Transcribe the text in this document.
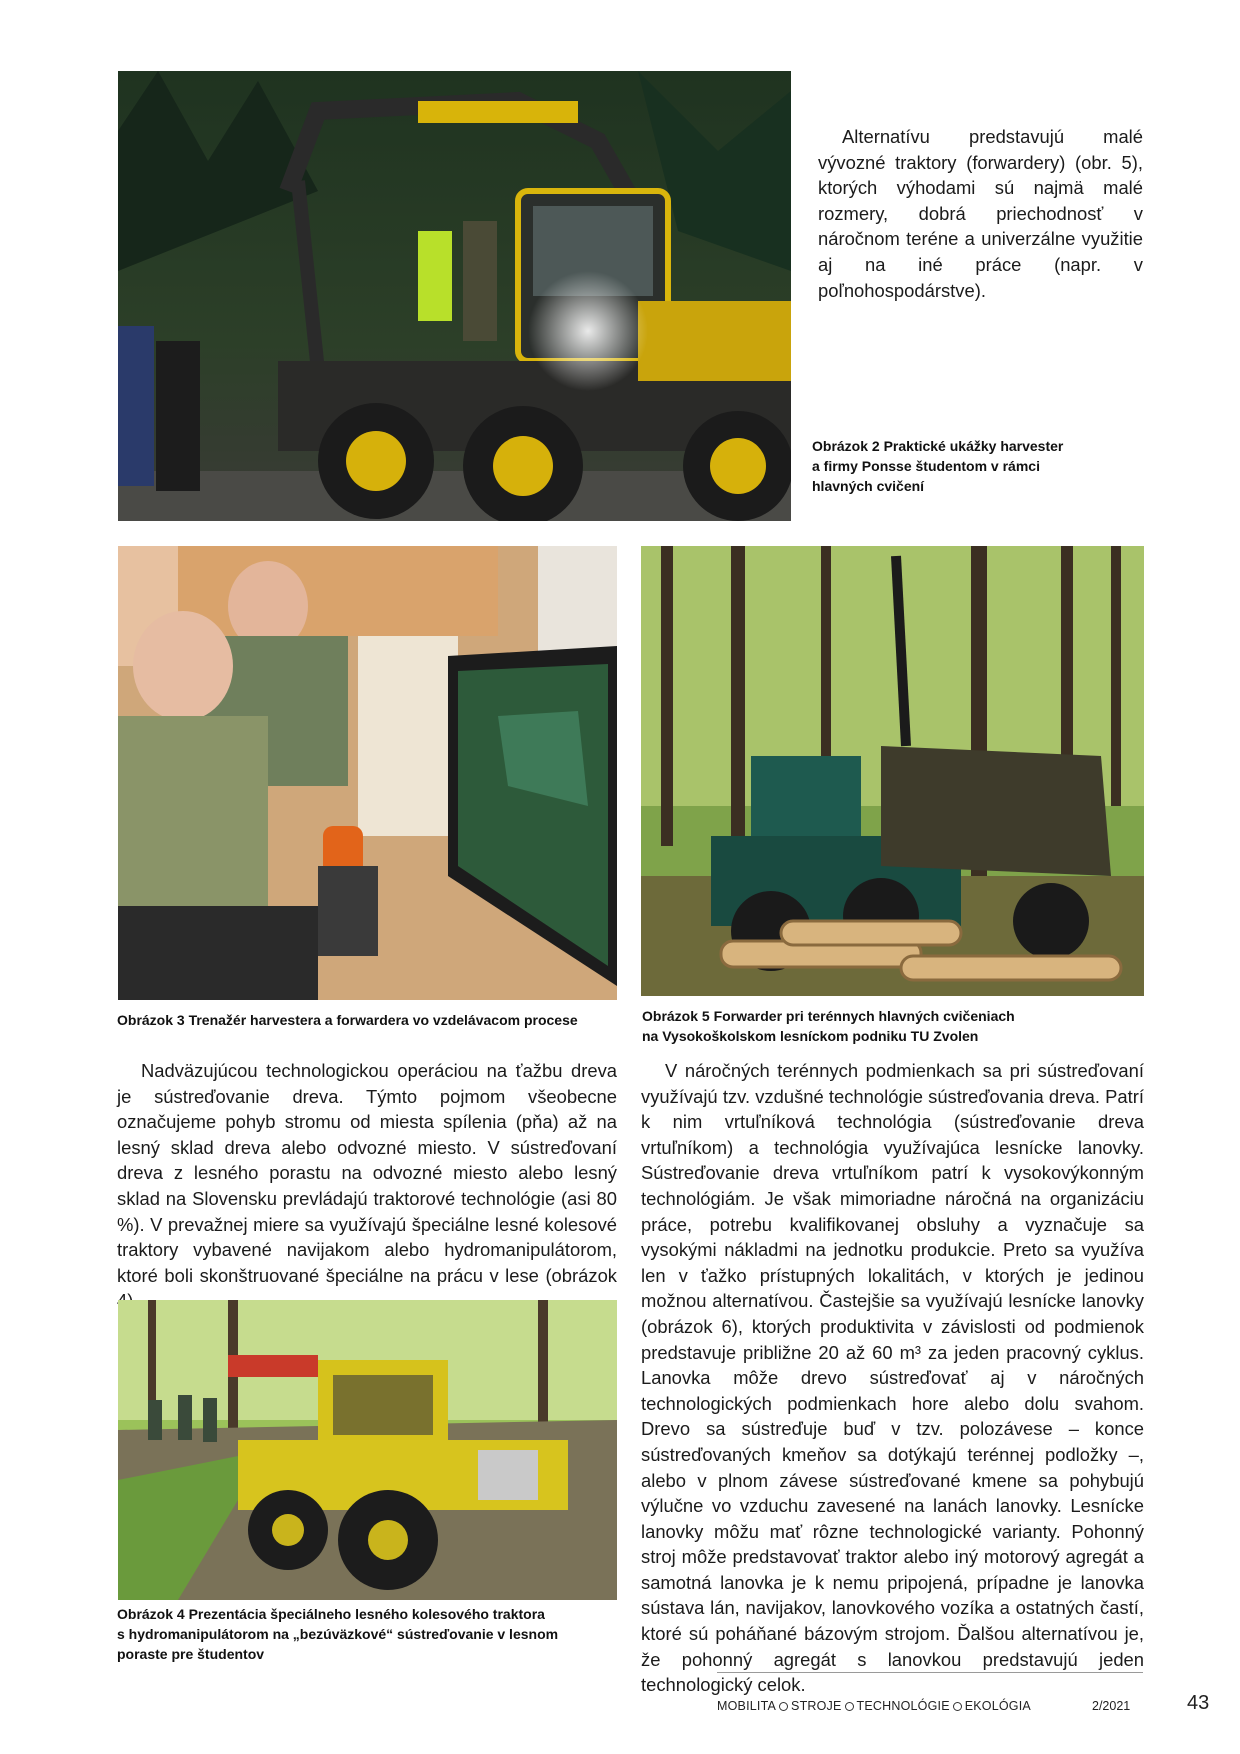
Alternatívu predstavujú malé vývozné traktory (forwardery) (obr. 5), ktorých výhodami sú najmä malé rozmery, dobrá priechodnosť v náročnom teréne a univerzálne využitie aj na iné práce (napr. v poľnohospodárstve).

Obrázok 2 Praktické ukážky harvester
a firmy Ponsse študentom v rámci
hlavných cvičení
Obrázok 3 Trenažér harvestera a forwardera vo vzdelávacom procese	Obrázok 5 Forwarder pri terénnych hlavných cvičeniach
na Vysokoškolskom lesníckom podniku TU Zvolen

Nadväzujúcou technologickou operáciou na ťažbu dreva je sústreďovanie dreva. Týmto pojmom všeobecne označujeme pohyb stromu od miesta spílenia (pňa) až na lesný sklad dreva alebo odvozné miesto. V sústreďovaní dreva z lesného porastu na odvozné miesto alebo lesný sklad na Slovensku prevládajú traktorové technológie (asi 80 %). V prevažnej miere sa využívajú špeciálne lesné kolesové traktory vybavené navijakom alebo hydromanipulátorom, ktoré boli skonštruované špeciálne na prácu v lese (obrázok

Obrázok 4 Prezentácia špeciálneho lesného kolesového traktora
s hydromanipulátorom na „bezúväzkové“ sústreďovanie v lesnom
poraste pre študentov

V náročných terénnych podmienkach sa pri sústreďovaní využívajú tzv. vzdušné technológie sústreďovania dreva. Patrí k nim vrtuľníková technológia (sústreďovanie dreva vrtuľníkom) a technológia využívajúca lesnícke lanovky. Sústreďovanie dreva vrtuľníkom patrí k vysokovýkonným technológiám. Je však mimoriadne náročná na organizáciu práce, potrebu kvalifikovanej obsluhy a vyznačuje sa vysokými nákladmi na jednotku produkcie. Preto sa využíva len v ťažko prístupných lokalitách, v ktorých je jedinou možnou alternatívou. Častejšie sa využívajú lesnícke lanovky (obrázok 6), ktorých produktivita v závislosti od podmienok predstavuje približne 20 až 60 m³ za jeden pracovný cyklus. Lanovka môže drevo sústreďovať aj v náročných technologických podmienkach hore alebo dolu svahom. Drevo sa sústreďuje buď v tzv. polozávese – konce sústreďovaných kmeňov sa dotýkajú terénnej podložky –, alebo v plnom závese sústreďované kmene sa pohybujú výlučne vo vzduchu zavesené na lanách lanovky. Lesnícke lanovky môžu mať rôzne technologické varianty. Pohonný stroj môže predstavovať traktor alebo iný motorový agregát a samotná lanovka je k nemu pripojená, prípadne je lanovka sústava lán, navijakov, lanovkového vozíka a ostatných častí, ktoré sú poháňané bázovým strojom. Ďalšou alternatívou je, že pohonný agregát s lanovkou predstavujú jeden technologický celok.

MOBILITA STROJE TECHNOLÓGIE EKOLÓGIA	2/2021	43
